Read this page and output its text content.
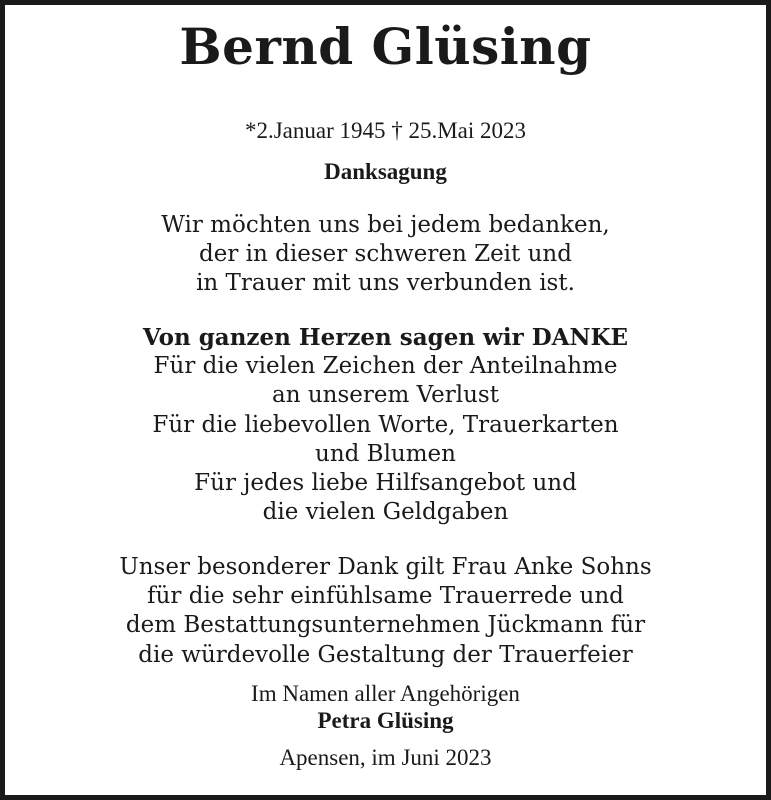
Bernd Glüsing

*2.Januar 1945 † 25.Mai 2023

Danksagung

Wir möchten uns bei jedem bedanken,
der in dieser schweren Zeit und
in Trauer mit uns verbunden ist.
Von ganzen Herzen sagen wir DANKE
Für die vielen Zeichen der Anteilnahme
an unserem Verlust
Für die liebevollen Worte, Trauerkarten
und Blumen
Für jedes liebe Hilfsangebot und
die vielen Geldgaben
Unser besonderer Dank gilt Frau Anke Sohns
für die sehr einfühlsame Trauerrede und
dem Bestattungsunternehmen Jückmann für
die würdevolle Gestaltung der Trauerfeier

Im Namen aller Angehörigen

Petra Glüsing

Apensen, im Juni 2023
